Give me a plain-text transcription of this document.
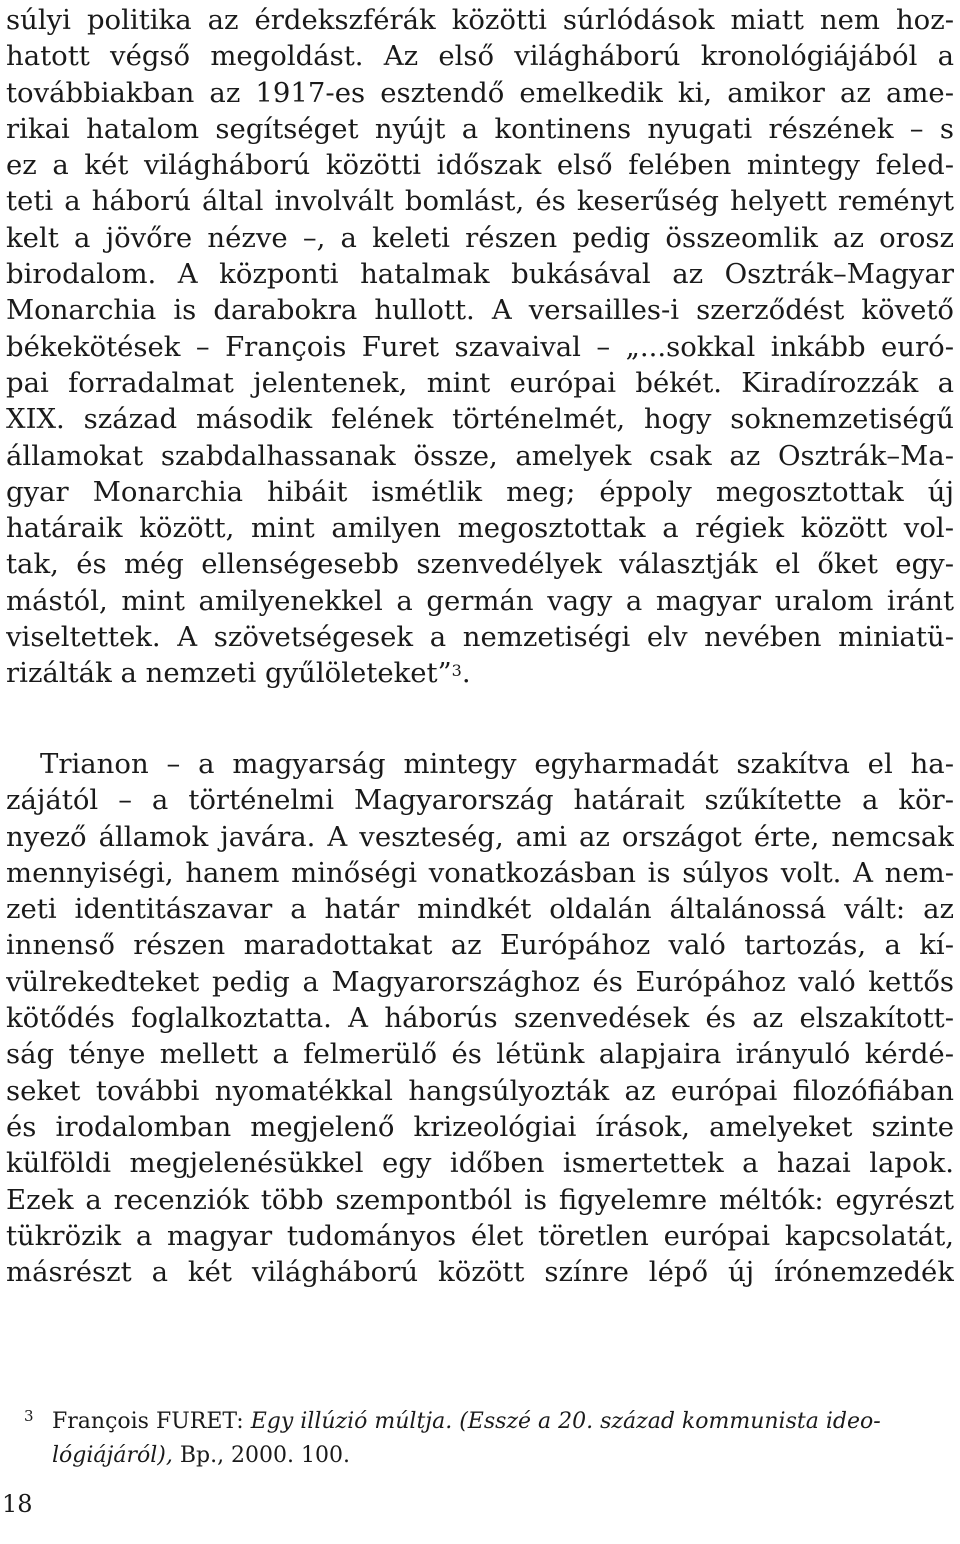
súlyi politika az érdekszférák közötti súrlódások miatt nem hoz-
hatott végső megoldást. Az első világháború kronológiájából a
továbbiakban az 1917-es esztendő emelkedik ki, amikor az ame-
rikai hatalom segítséget nyújt a kontinens nyugati részének – s
ez a két világháború közötti időszak első felében mintegy feled-
teti a háború által involvált bomlást, és keserűség helyett reményt
kelt a jövőre nézve –, a keleti részen pedig összeomlik az orosz
birodalom. A központi hatalmak bukásával az Osztrák–Magyar
Monarchia is darabokra hullott. A versailles-i szerződést követő
békekötések – François Furet szavaival – „...sokkal inkább euró-
pai forradalmat jelentenek, mint európai békét. Kiradírozzák a
XIX. század második felének történelmét, hogy soknemzetiségű
államokat szabdalhassanak össze, amelyek csak az Osztrák–Ma-
gyar Monarchia hibáit ismétlik meg; éppoly megosztottak új
határaik között, mint amilyen megosztottak a régiek között vol-
tak, és még ellenségesebb szenvedélyek választják el őket egy-
mástól, mint amilyenekkel a germán vagy a magyar uralom iránt
viseltettek. A szövetségesek a nemzetiségi elv nevében miniatü-
rizálták a nemzeti gyűlöleteket”$^3$.
Trianon – a magyarság mintegy egyharmadát szakítva el ha-
zájától – a történelmi Magyarország határait szűkítette a kör-
nyező államok javára. A veszteség, ami az országot érte, nemcsak
mennyiségi, hanem minőségi vonatkozásban is súlyos volt. A nem-
zeti identitászavar a határ mindkét oldalán általánossá vált: az
innenső részen maradottakat az Európához való tartozás, a kí-
vülrekedteket pedig a Magyarországhoz és Európához való kettős
kötődés foglalkoztatta. A háborús szenvedések és az elszakított-
ság ténye mellett a felmerülő és létünk alapjaira irányuló kérdé-
seket további nyomatékkal hangsúlyozták az európai filozófiában
és irodalomban megjelenő krizeológiai írások, amelyeket szinte
külföldi megjelenésükkel egy időben ismertettek a hazai lapok.
Ezek a recenziók több szempontból is figyelemre méltók: egyrészt
tükrözik a magyar tudományos élet töretlen európai kapcsolatát,
másrészt a két világháború között színre lépő új írónemzedék
3 François FURET: Egy illúzió múltja. (Esszé a 20. század kommunista ideo-
lógiájáról), Bp., 2000. 100.
18
